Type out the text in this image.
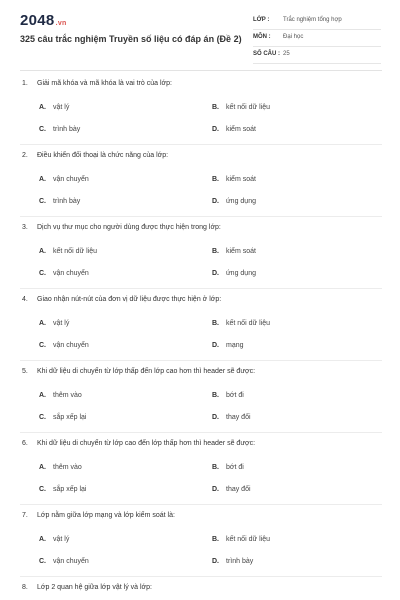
2048.vn
325 câu trắc nghiệm Truyền số liệu có đáp án (Đề 2)
LỚP : Trắc nghiệm tổng hợp
MÔN : Đại học
SỐ CÂU : 25
1. Giải mã khóa và mã khóa là vai trò của lớp:
A. vật lý	B. kết nối dữ liệu
C. trình bày	D. kiểm soát
2. Điều khiển đối thoại là chức năng của lớp:
A. vận chuyển	B. kiểm soát
C. trình bày	D. ứng dụng
3. Dịch vụ thư mục cho người dùng được thực hiện trong lớp:
A. kết nối dữ liệu	B. kiểm soát
C. vận chuyển	D. ứng dụng
4. Giao nhận nút-nút của đơn vị dữ liệu được thực hiện ở lớp:
A. vật lý	B. kết nối dữ liệu
C. vận chuyển	D. mạng
5. Khi dữ liệu di chuyển từ lớp thấp đến lớp cao hơn thì header sẽ được:
A. thêm vào	B. bớt đi
C. sắp xếp lại	D. thay đổi
6. Khi dữ liệu di chuyển từ lớp cao đến lớp thấp hơn thì header sẽ được:
A. thêm vào	B. bớt đi
C. sắp xếp lại	D. thay đổi
7. Lớp nằm giữa lớp mạng và lớp kiểm soát là:
A. vật lý	B. kết nối dữ liệu
C. vận chuyển	D. trình bày
8. Lớp 2 quan hệ giữa lớp vật lý và lớp:
